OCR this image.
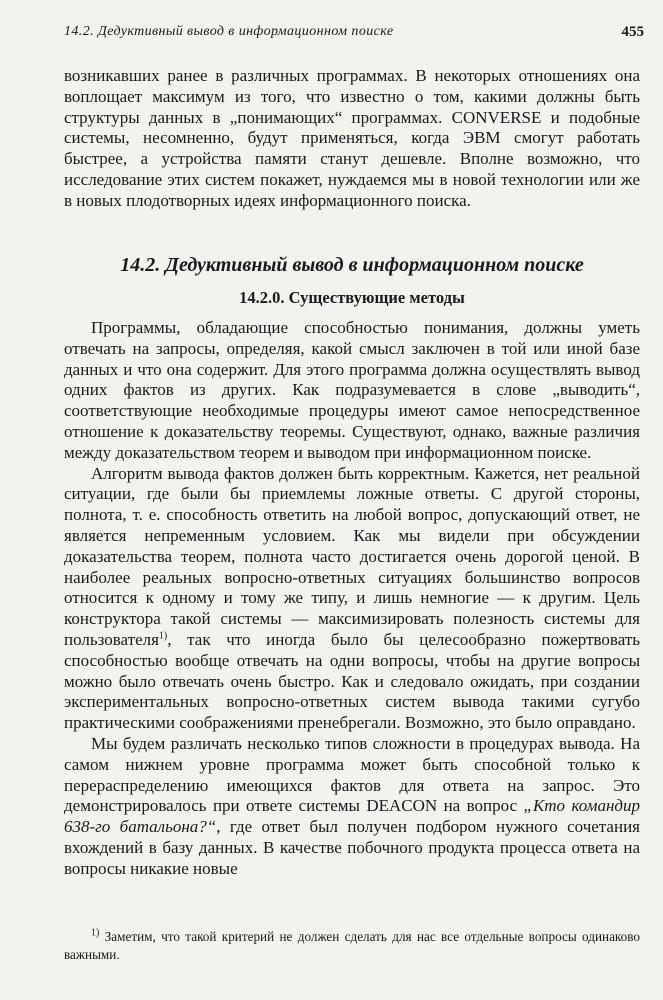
14.2. Дедуктивный вывод в информационном поиске	455

возникавших ранее в различных программах. В некоторых отношениях она воплощает максимум из того, что известно о том, какими должны быть структуры данных в „понимающих“ программах. CONVERSE и подобные системы, несомненно, будут применяться, когда ЭВМ смогут работать быстрее, а устройства памяти станут дешевле. Вполне возможно, что исследование этих систем покажет, нуждаемся мы в новой технологии или же в новых плодотворных идеях информационного поиска.

14.2. Дедуктивный вывод в информационном поиске
14.2.0. Существующие методы

Программы, обладающие способностью понимания, должны уметь отвечать на запросы, определяя, какой смысл заключен в той или иной базе данных и что она содержит. Для этого программа должна осуществлять вывод одних фактов из других. Как подразумевается в слове „выводить“, соответствующие необходимые процедуры имеют самое непосредственное отношение к доказательству теоремы. Существуют, однако, важные различия между доказательством теорем и выводом при информационном поиске.

Алгоритм вывода фактов должен быть корректным. Кажется, нет реальной ситуации, где были бы приемлемы ложные ответы. С другой стороны, полнота, т. е. способность ответить на любой вопрос, допускающий ответ, не является непременным условием. Как мы видели при обсуждении доказательства теорем, полнота часто достигается очень дорогой ценой. В наиболее реальных вопросно-ответных ситуациях большинство вопросов относится к одному и тому же типу, и лишь немногие — к другим. Цель конструктора такой системы — максимизировать полезность системы для пользователя$^{1)}$, так что иногда было бы целесообразно пожертвовать способностью вообще отвечать на одни вопросы, чтобы на другие вопросы можно было отвечать очень быстро. Как и следовало ожидать, при создании экспериментальных вопросно-ответных систем вывода такими сугубо практическими соображениями пренебрегали. Возможно, это было оправдано.

Мы будем различать несколько типов сложности в процедурах вывода. На самом нижнем уровне программа может быть способной только к перераспределению имеющихся фактов для ответа на запрос. Это демонстрировалось при ответе системы DEACON на вопрос „Кто командир 638-го батальона?“, где ответ был получен подбором нужного сочетания вхождений в базу данных. В качестве побочного продукта процесса ответа на вопросы никакие новые

$^{1)}$ Заметим, что такой критерий не должен сделать для нас все отдельные вопросы одинаково важными.
